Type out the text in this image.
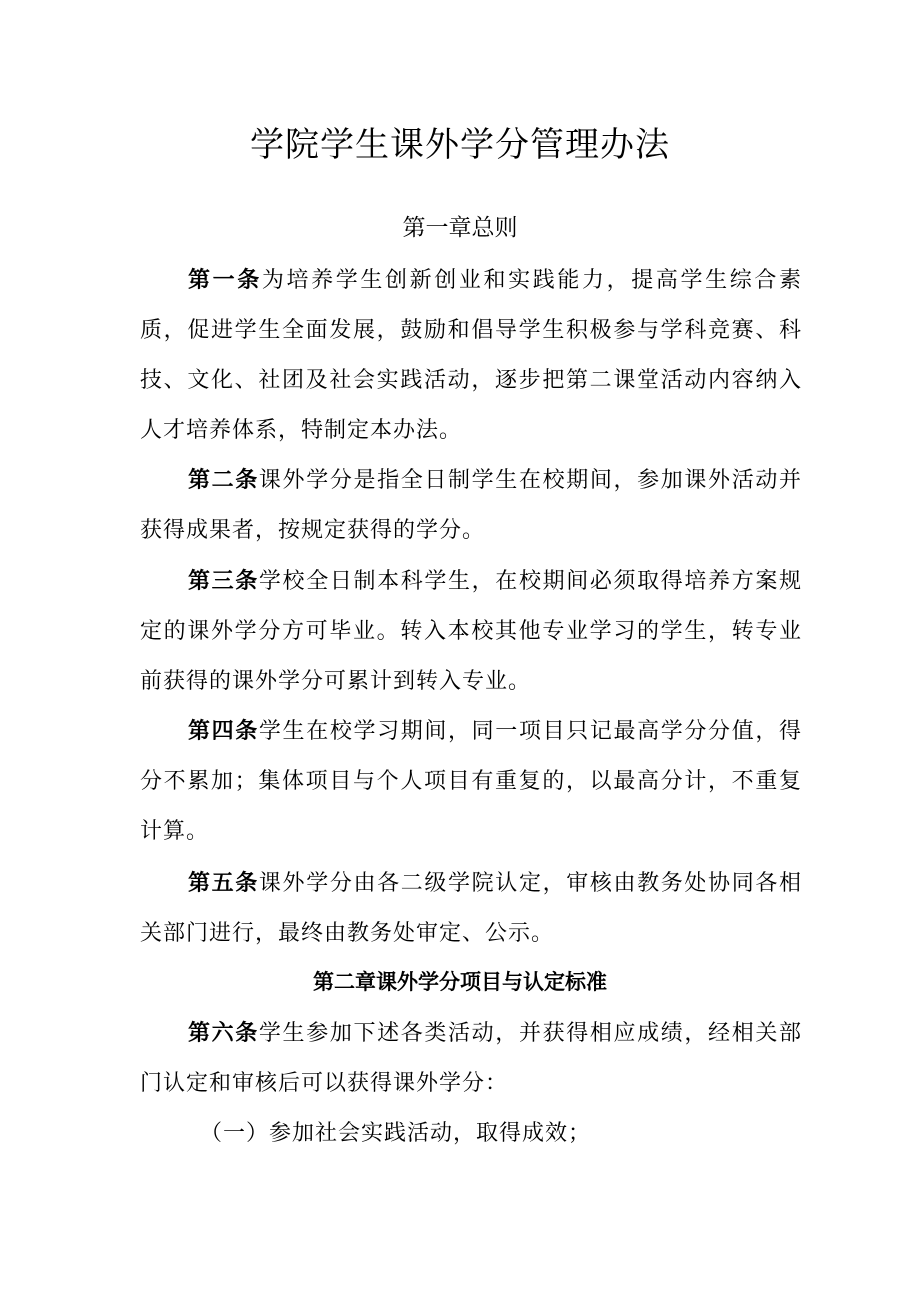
学院学生课外学分管理办法
第一章总则

第一条为培养学生创新创业和实践能力，提高学生综合素质，促进学生全面发展，鼓励和倡导学生积极参与学科竞赛、科技、文化、社团及社会实践活动，逐步把第二课堂活动内容纳入人才培养体系，特制定本办法。

第二条课外学分是指全日制学生在校期间，参加课外活动并获得成果者，按规定获得的学分。

第三条学校全日制本科学生，在校期间必须取得培养方案规定的课外学分方可毕业。转入本校其他专业学习的学生，转专业前获得的课外学分可累计到转入专业。

第四条学生在校学习期间，同一项目只记最高学分分值，得分不累加；集体项目与个人项目有重复的，以最高分计，不重复计算。

第五条课外学分由各二级学院认定，审核由教务处协同各相关部门进行，最终由教务处审定、公示。

第二章课外学分项目与认定标准

第六条学生参加下述各类活动，并获得相应成绩，经相关部门认定和审核后可以获得课外学分：

（一）参加社会实践活动，取得成效；
